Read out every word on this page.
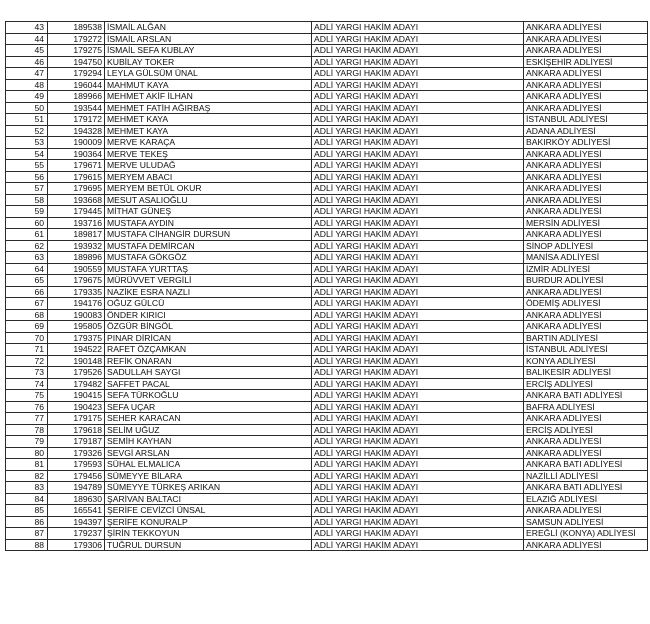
43	189538	İSMAİL ALĞAN	ADLİ YARGI HAKİM ADAYI	ANKARA ADLİYESİ
44	179272	İSMAİL ARSLAN	ADLİ YARGI HAKİM ADAYI	ANKARA ADLİYESİ
45	179275	İSMAİL SEFA KUBLAY	ADLİ YARGI HAKİM ADAYI	ANKARA ADLİYESİ
46	194750	KUBİLAY TOKER	ADLİ YARGI HAKİM ADAYI	ESKİŞEHİR ADLİYESİ
47	179294	LEYLA GÜLSÜM ÜNAL	ADLİ YARGI HAKİM ADAYI	ANKARA ADLİYESİ
48	196044	MAHMUT KAYA	ADLİ YARGI HAKİM ADAYI	ANKARA ADLİYESİ
49	189966	MEHMET AKİF İLHAN	ADLİ YARGI HAKİM ADAYI	ANKARA ADLİYESİ
50	193544	MEHMET FATİH AĞIRBAŞ	ADLİ YARGI HAKİM ADAYI	ANKARA ADLİYESİ
51	179172	MEHMET KAYA	ADLİ YARGI HAKİM ADAYI	İSTANBUL ADLİYESİ
52	194328	MEHMET KAYA	ADLİ YARGI HAKİM ADAYI	ADANA ADLİYESİ
53	190009	MERVE KARAÇA	ADLİ YARGI HAKİM ADAYI	BAKIRKÖY ADLİYESİ
54	190364	MERVE TEKEŞ	ADLİ YARGI HAKİM ADAYI	ANKARA ADLİYESİ
55	179671	MERVE ULUDAĞ	ADLİ YARGI HAKİM ADAYI	ANKARA ADLİYESİ
56	179615	MERYEM ABACI	ADLİ YARGI HAKİM ADAYI	ANKARA ADLİYESİ
57	179695	MERYEM BETÜL OKUR	ADLİ YARGI HAKİM ADAYI	ANKARA ADLİYESİ
58	193668	MESUT ASALIOĞLU	ADLİ YARGI HAKİM ADAYI	ANKARA ADLİYESİ
59	179445	MİTHAT GÜNEŞ	ADLİ YARGI HAKİM ADAYI	ANKARA ADLİYESİ
60	193716	MUSTAFA AYDIN	ADLİ YARGI HAKİM ADAYI	MERSİN ADLİYESİ
61	189817	MUSTAFA CİHANGİR DURSUN	ADLİ YARGI HAKİM ADAYI	ANKARA ADLİYESİ
62	193932	MUSTAFA DEMİRCAN	ADLİ YARGI HAKİM ADAYI	SİNOP ADLİYESİ
63	189896	MUSTAFA GÖKGÖZ	ADLİ YARGI HAKİM ADAYI	MANİSA ADLİYESİ
64	190559	MUSTAFA YURTTAŞ	ADLİ YARGI HAKİM ADAYI	İZMİR ADLİYESİ
65	179675	MÜRÜVVET VERGİLİ	ADLİ YARGI HAKİM ADAYI	BURDUR ADLİYESİ
66	179335	NAZİKE ESRA NAZLI	ADLİ YARGI HAKİM ADAYI	ANKARA ADLİYESİ
67	194176	OĞUZ GÜLCÜ	ADLİ YARGI HAKİM ADAYI	ÖDEMİŞ ADLİYESİ
68	190083	ÖNDER KIRICI	ADLİ YARGI HAKİM ADAYI	ANKARA ADLİYESİ
69	195805	ÖZGÜR BİNGÖL	ADLİ YARGI HAKİM ADAYI	ANKARA ADLİYESİ
70	179375	PINAR DİRİCAN	ADLİ YARGI HAKİM ADAYI	BARTIN ADLİYESİ
71	194522	RAFET ÖZÇAMKAN	ADLİ YARGI HAKİM ADAYI	İSTANBUL ADLİYESİ
72	190148	REFİK ONARAN	ADLİ YARGI HAKİM ADAYI	KONYA ADLİYESİ
73	179526	SADULLAH SAYGI	ADLİ YARGI HAKİM ADAYI	BALIKESİR ADLİYESİ
74	179482	SAFFET PACAL	ADLİ YARGI HAKİM ADAYI	ERCİŞ ADLİYESİ
75	190415	SEFA TÜRKOĞLU	ADLİ YARGI HAKİM ADAYI	ANKARA BATI ADLİYESİ
76	190423	SEFA UÇAR	ADLİ YARGI HAKİM ADAYI	BAFRA ADLİYESİ
77	179175	SEHER KARACAN	ADLİ YARGI HAKİM ADAYI	ANKARA ADLİYESİ
78	179618	SELİM UĞUZ	ADLİ YARGI HAKİM ADAYI	ERCİŞ ADLİYESİ
79	179187	SEMİH KAYHAN	ADLİ YARGI HAKİM ADAYI	ANKARA ADLİYESİ
80	179326	SEVGİ ARSLAN	ADLİ YARGI HAKİM ADAYI	ANKARA ADLİYESİ
81	179593	SÜHAL ELMALICA	ADLİ YARGI HAKİM ADAYI	ANKARA BATI ADLİYESİ
82	179456	SÜMEYYE BİLARA	ADLİ YARGI HAKİM ADAYI	NAZİLLİ ADLİYESİ
83	194789	SÜMEYYE TÜRKEŞ ARIKAN	ADLİ YARGI HAKİM ADAYI	ANKARA BATI ADLİYESİ
84	189630	ŞARİVAN BALTACI	ADLİ YARGI HAKİM ADAYI	ELAZIĞ ADLİYESİ
85	165541	ŞERİFE CEVİZCİ ÜNSAL	ADLİ YARGI HAKİM ADAYI	ANKARA ADLİYESİ
86	194397	ŞERİFE KONURALP	ADLİ YARGI HAKİM ADAYI	SAMSUN ADLİYESİ
87	179237	ŞİRİN TEKKOYUN	ADLİ YARGI HAKİM ADAYI	EREĞLİ (KONYA) ADLİYESİ
88	179306	TUĞRUL DURSUN	ADLİ YARGI HAKİM ADAYI	ANKARA ADLİYESİ
